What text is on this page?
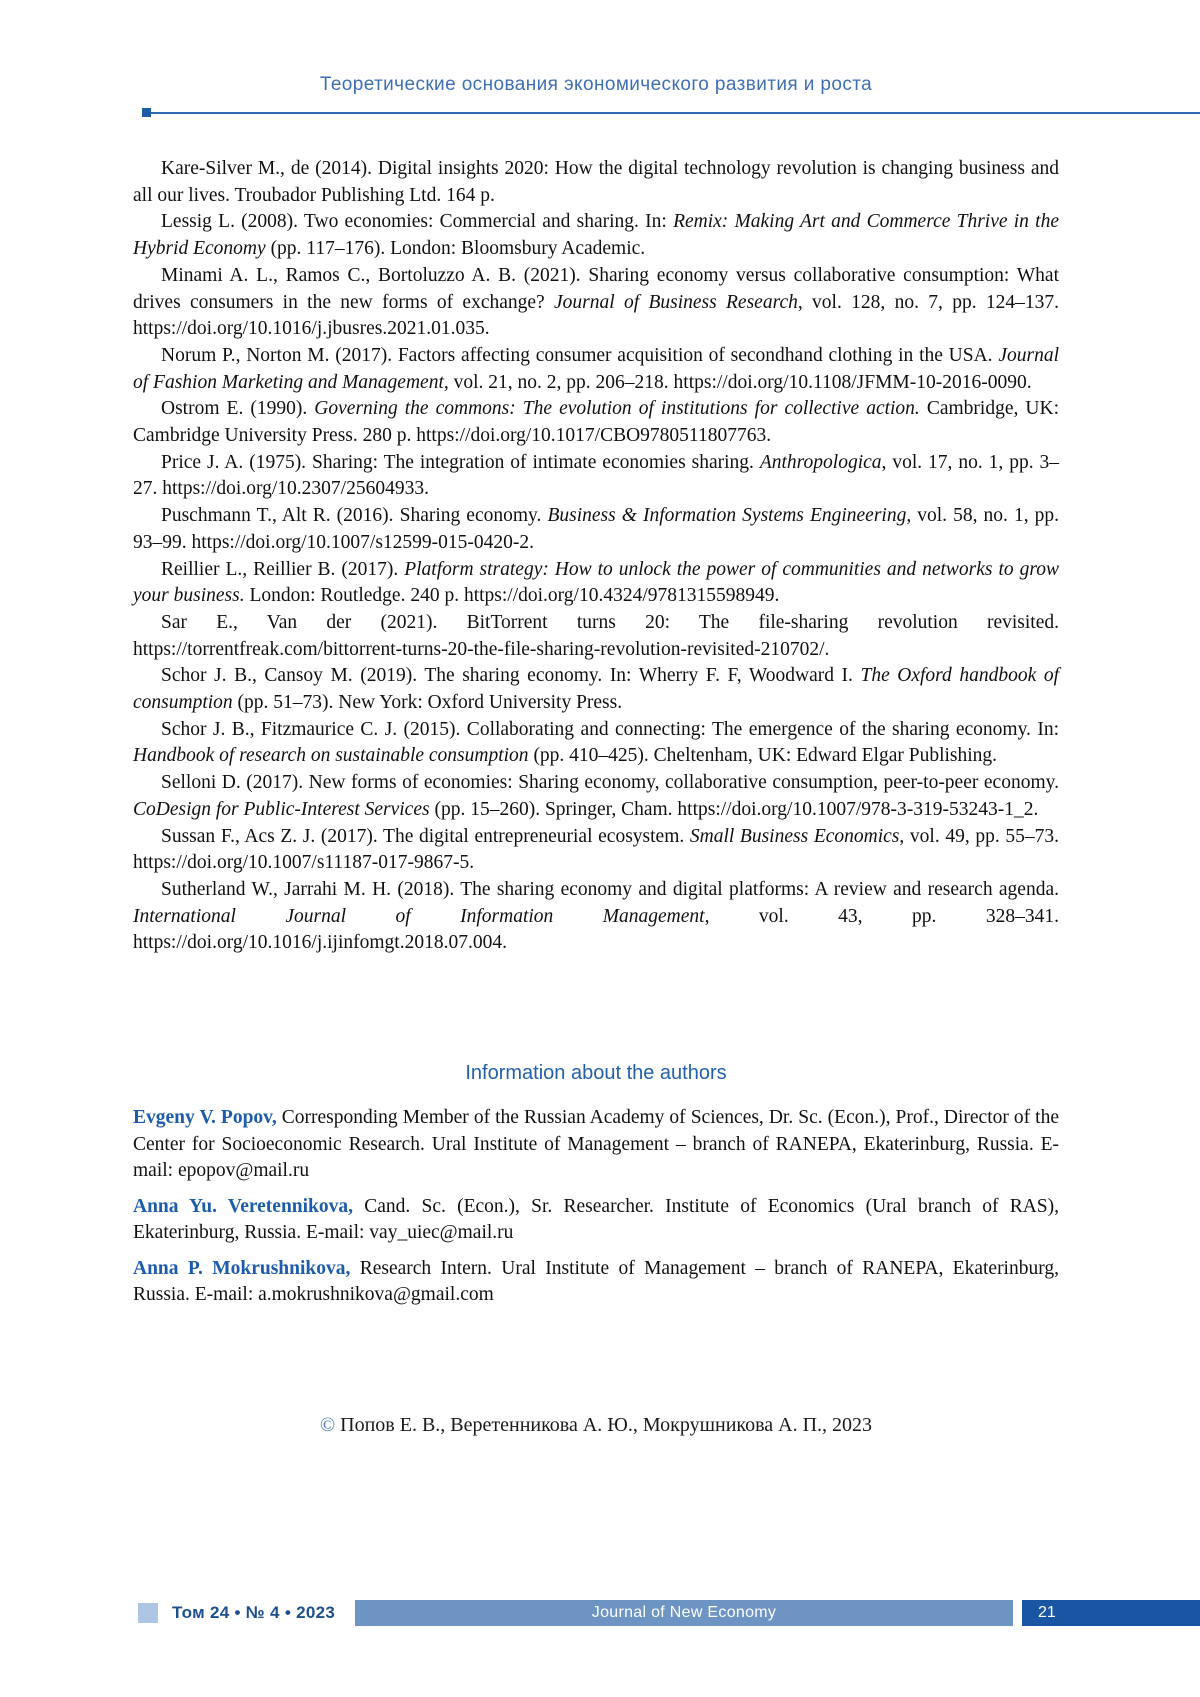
Теоретические основания экономического развития и роста

Kare-Silver M., de (2014). Digital insights 2020: How the digital technology revolution is changing business and all our lives. Troubador Publishing Ltd. 164 p.

Lessig L. (2008). Two economies: Commercial and sharing. In: Remix: Making Art and Commerce Thrive in the Hybrid Economy (pp. 117–176). London: Bloomsbury Academic.

Minami A. L., Ramos C., Bortoluzzo A. B. (2021). Sharing economy versus collaborative consumption: What drives consumers in the new forms of exchange? Journal of Business Research, vol. 128, no. 7, pp. 124–137. https://doi.org/10.1016/j.jbusres.2021.01.035.

Norum P., Norton M. (2017). Factors affecting consumer acquisition of secondhand clothing in the USA. Journal of Fashion Marketing and Management, vol. 21, no. 2, pp. 206–218. https://doi.org/10.1108/JFMM-10-2016-0090.

Ostrom E. (1990). Governing the commons: The evolution of institutions for collective action. Cambridge, UK: Cambridge University Press. 280 p. https://doi.org/10.1017/CBO9780511807763.

Price J. A. (1975). Sharing: The integration of intimate economies sharing. Anthropologica, vol. 17, no. 1, pp. 3–27. https://doi.org/10.2307/25604933.

Puschmann T., Alt R. (2016). Sharing economy. Business & Information Systems Engineering, vol. 58, no. 1, pp. 93–99. https://doi.org/10.1007/s12599-015-0420-2.

Reillier L., Reillier B. (2017). Platform strategy: How to unlock the power of communities and networks to grow your business. London: Routledge. 240 p. https://doi.org/10.4324/9781315598949.

Sar E., Van der (2021). BitTorrent turns 20: The file-sharing revolution revisited. https://torrentfreak.com/bittorrent-turns-20-the-file-sharing-revolution-revisited-210702/.

Schor J. B., Cansoy M. (2019). The sharing economy. In: Wherry F. F, Woodward I. The Oxford handbook of consumption (pp. 51–73). New York: Oxford University Press.

Schor J. B., Fitzmaurice C. J. (2015). Collaborating and connecting: The emergence of the sharing economy. In: Handbook of research on sustainable consumption (pp. 410–425). Cheltenham, UK: Edward Elgar Publishing.

Selloni D. (2017). New forms of economies: Sharing economy, collaborative consumption, peer-to-peer economy. CoDesign for Public-Interest Services (pp. 15–260). Springer, Cham. https://doi.org/10.1007/978-3-319-53243-1_2.

Sussan F., Acs Z. J. (2017). The digital entrepreneurial ecosystem. Small Business Economics, vol. 49, pp. 55–73. https://doi.org/10.1007/s11187-017-9867-5.

Sutherland W., Jarrahi M. H. (2018). The sharing economy and digital platforms: A review and research agenda. International Journal of Information Management, vol. 43, pp. 328–341. https://doi.org/10.1016/j.ijinfomgt.2018.07.004.

Information about the authors

Evgeny V. Popov, Corresponding Member of the Russian Academy of Sciences, Dr. Sc. (Econ.), Prof., Director of the Center for Socioeconomic Research. Ural Institute of Management – branch of RANEPA, Ekaterinburg, Russia. E-mail: epopov@mail.ru

Anna Yu. Veretennikova, Cand. Sc. (Econ.), Sr. Researcher. Institute of Economics (Ural branch of RAS), Ekaterinburg, Russia. E-mail: vay_uiec@mail.ru

Anna P. Mokrushnikova, Research Intern. Ural Institute of Management – branch of RANEPA, Ekaterinburg, Russia. E-mail: a.mokrushnikova@gmail.com

© Попов Е. В., Веретенникова А. Ю., Мокрушникова А. П., 2023
Том 24 • № 4 • 2023	Journal of New Economy	21
